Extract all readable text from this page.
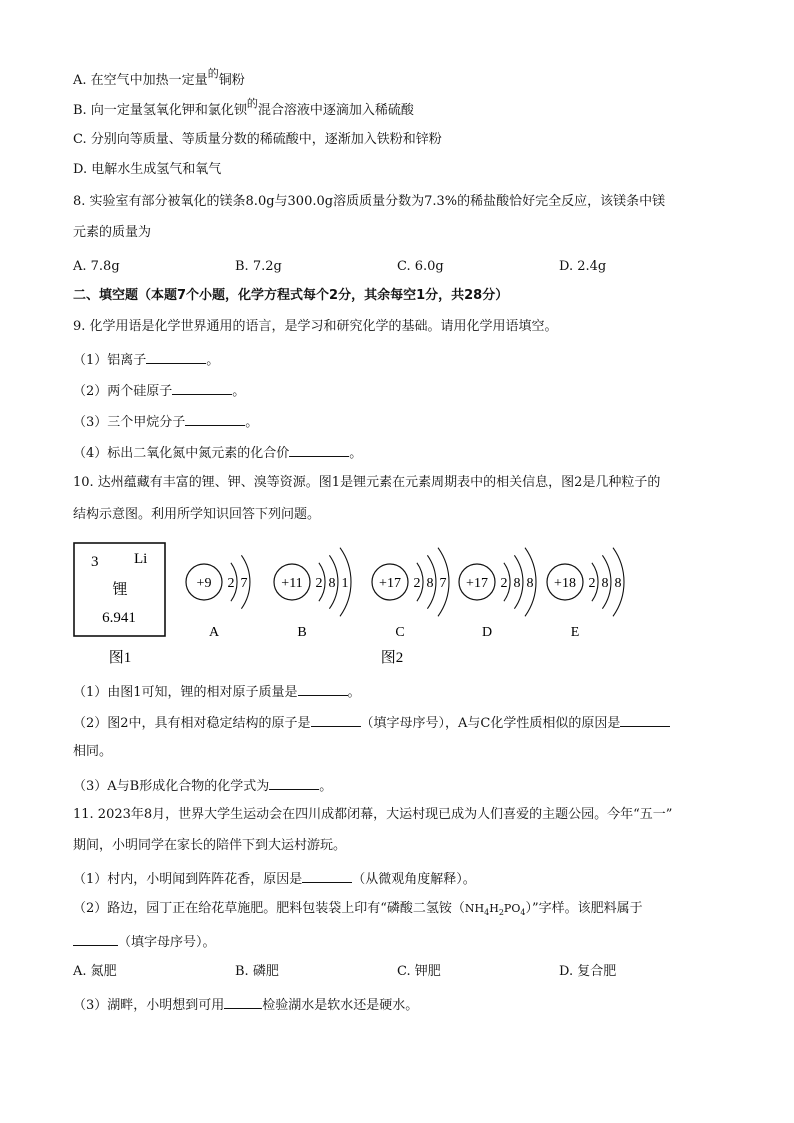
A. 在空气中加热一定量$^的$铜粉
B. 向一定量氢氧化钾和氯化钡$^的$混合溶液中逐滴加入稀硫酸
C. 分别向等质量、等质量分数的稀硫酸中，逐渐加入铁粉和锌粉
D. 电解水生成氢气和氧气
8. 实验室有部分被氧化的镁条8.0g与300.0g溶质质量分数为7.3%的稀盐酸恰好完全反应，该镁条中镁
元素的质量为
A. 7.8g	B. 7.2g	C. 6.0g	D. 2.4g
二、填空题（本题7个小题，化学方程式每个2分，其余每空1分，共28分）
9. 化学用语是化学世界通用的语言，是学习和研究化学的基础。请用化学用语填空。
（1）铝离子	。
（2）两个硅原子	。
（3）三个甲烷分子	。
（4）标出二氧化氮中氮元素的化合价	。
10. 达州蕴藏有丰富的锂、钾、溴等资源。图1是锂元素在元素周期表中的相关信息，图2是几种粒子的
结构示意图。利用所学知识回答下列问题。
3 Li
锂
6.941
图1
+9 2 7
A
+11 2 8 1
B
+17 2 8 7
C
+17 2 8 8
D
+18 2 8 8
E
图2
（1）由图1可知，锂的相对原子质量是	。
（2）图2中，具有相对稳定结构的原子是	（填字母序号），A与C化学性质相似的原因是
相同。
（3）A与B形成化合物的化学式为	。
11. 2023年8月，世界大学生运动会在四川成都闭幕，大运村现已成为人们喜爱的主题公园。今年“五一”
期间，小明同学在家长的陪伴下到大运村游玩。
（1）村内，小明闻到阵阵花香，原因是	（从微观角度解释）。
（2）路边，园丁正在给花草施肥。肥料包装袋上印有“磷酸二氢铵$(NH_4H_2PO_4)$”字样。该肥料属于
（填字母序号）。
A. 氮肥	B. 磷肥	C. 钾肥	D. 复合肥
（3）湖畔，小明想到可用	检验湖水是软水还是硬水。
